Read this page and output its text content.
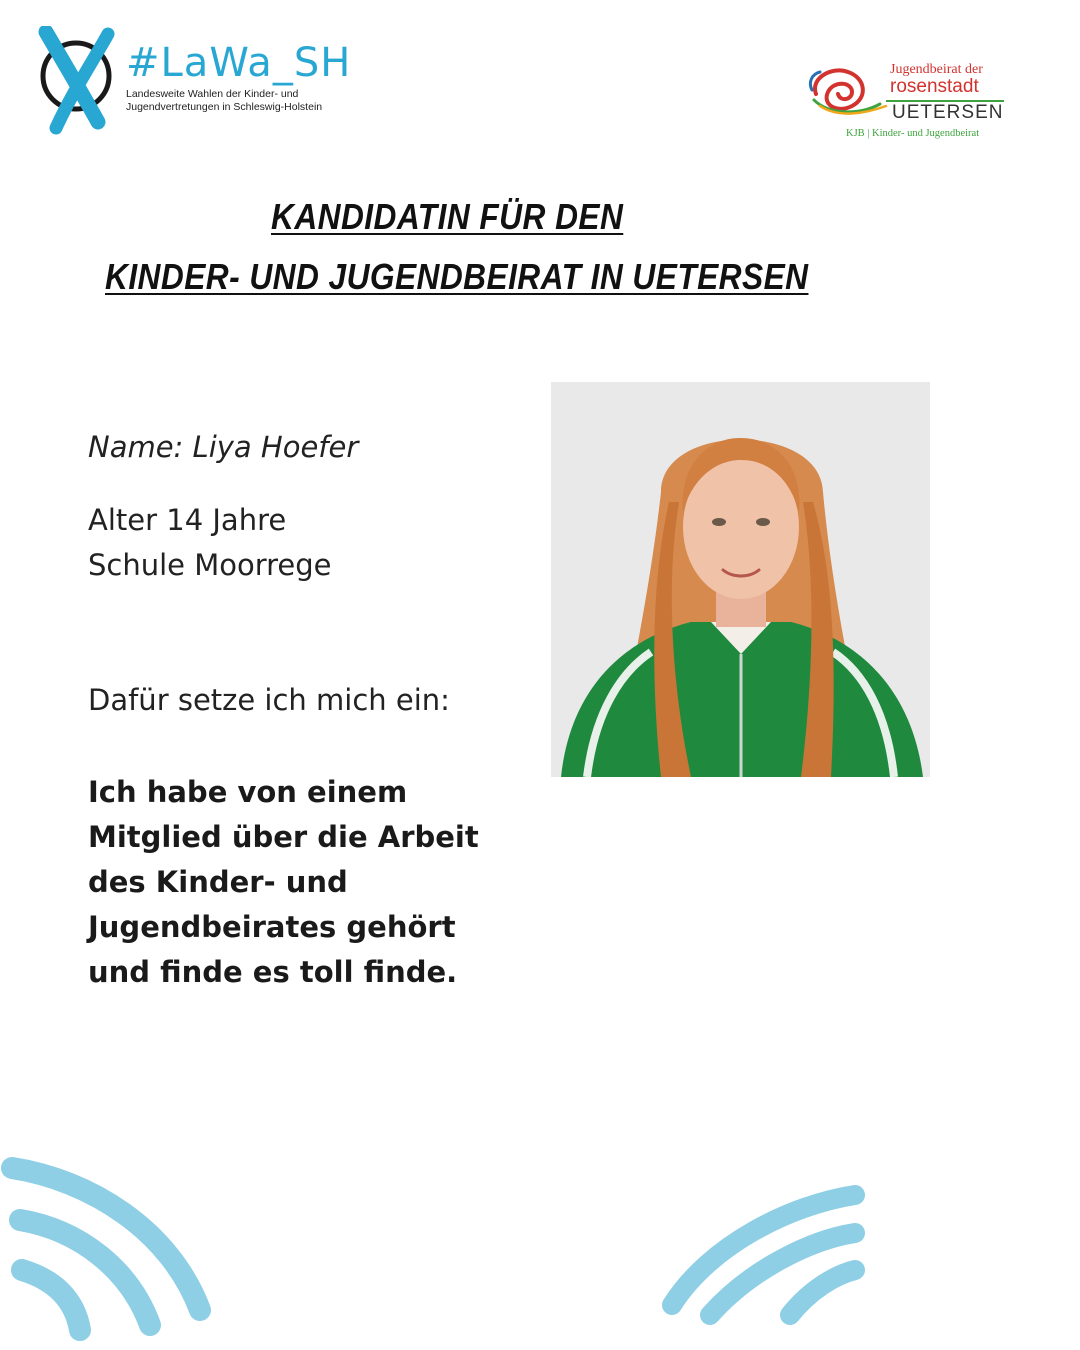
#LaWa_SH
Landesweite Wahlen der Kinder- und
Jugendvertretungen in Schleswig-Holstein
Jugendbeirat der
rosenstadt
UETERSEN
KJB | Kinder- und Jugendbeirat
KANDIDATIN FÜR DEN
KINDER- UND JUGENDBEIRAT IN UETERSEN
Name: Liya Hoefer
Alter 14 Jahre
Schule Moorrege
Dafür setze ich mich ein:
Ich habe von einem
Mitglied über die Arbeit
des Kinder- und
Jugendbeirates gehört
und finde es toll finde.
